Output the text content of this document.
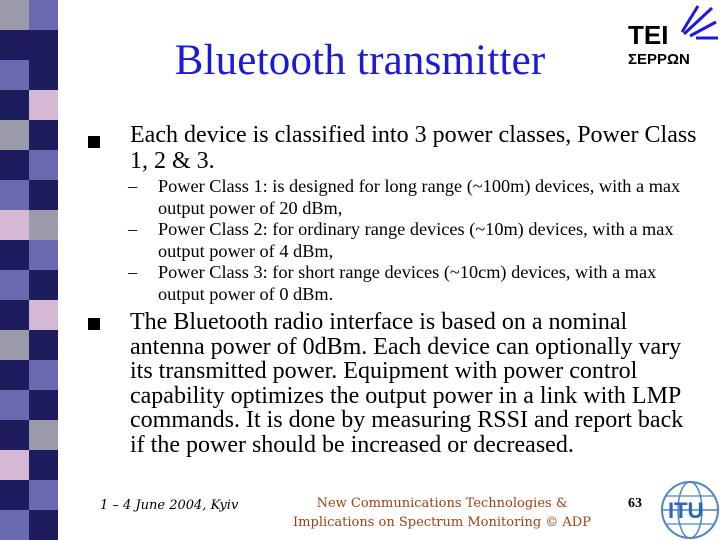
Bluetooth transmitter
TEI
ΣΕΡΡΩΝ
Each device is classified into 3 power classes, Power Class 1, 2 & 3.
– Power Class 1: is designed for long range (~100m) devices, with a max output power of 20 dBm,
– Power Class 2: for ordinary range devices (~10m) devices, with a max output power of 4 dBm,
– Power Class 3: for short range devices (~10cm) devices, with a max output power of 0 dBm.
The Bluetooth radio interface is based on a nominal antenna power of 0dBm. Each device can optionally vary its transmitted power. Equipment with power control capability optimizes the output power in a link with LMP commands. It is done by measuring RSSI and report back if the power should be increased or decreased.
1 – 4 June 2004, Kyiv	New Communications Technologies &
Implications on Spectrum Monitoring © ADP
63 ITU
